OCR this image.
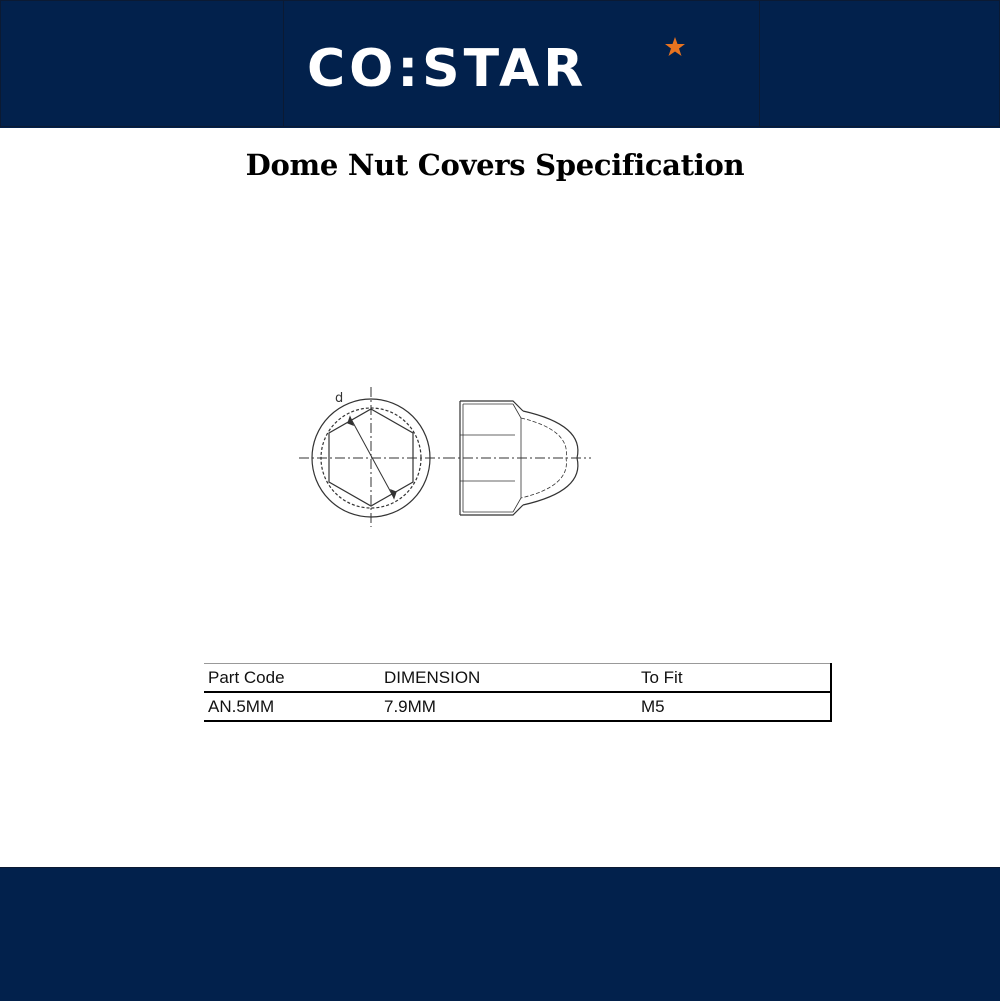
CO:STAR
Dome Nut Covers Specification
d
Part Code	DIMENSION	To Fit
AN.5MM	7.9MM	M5
